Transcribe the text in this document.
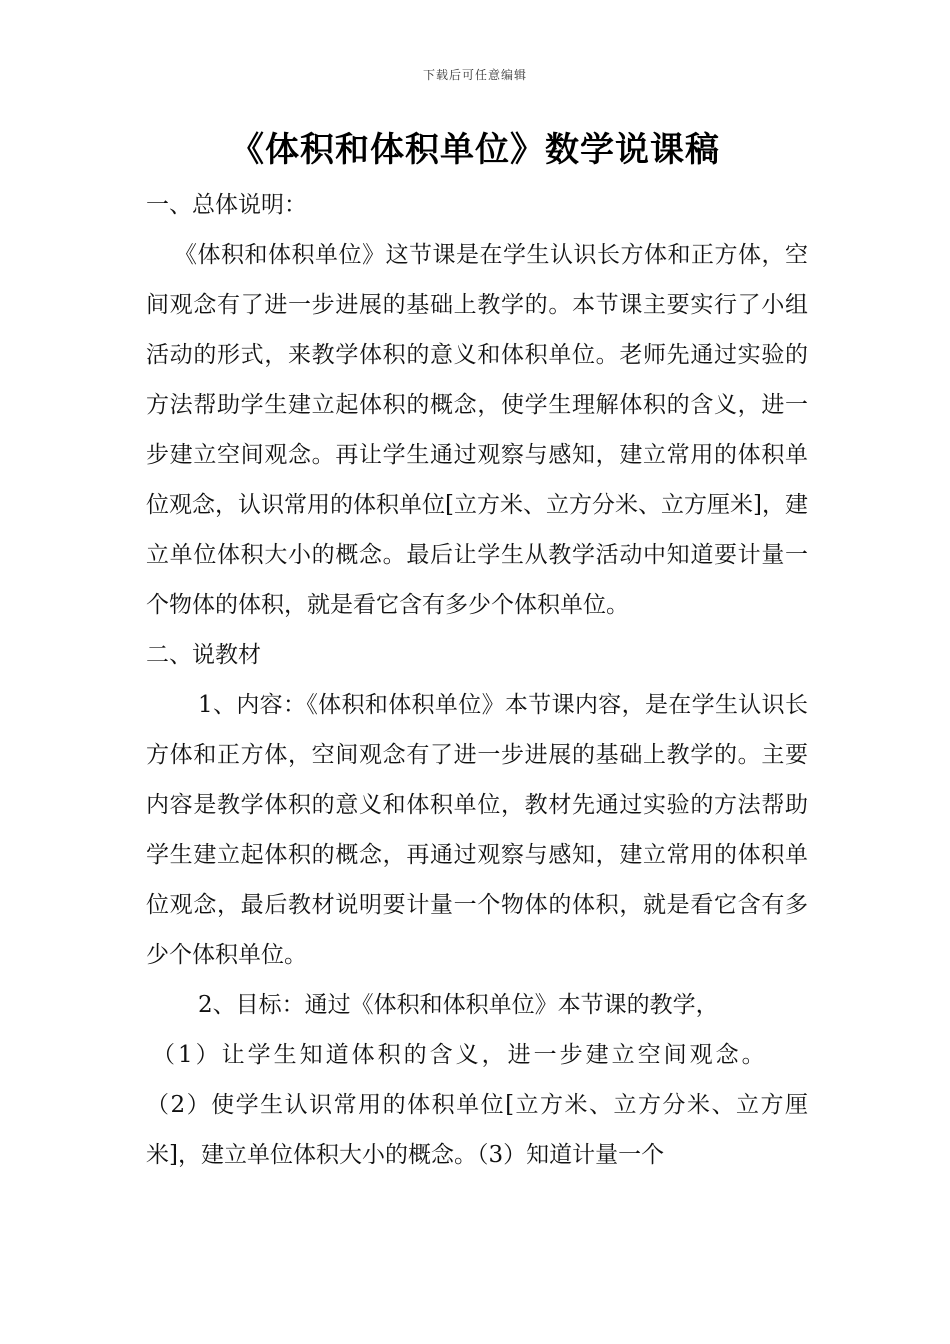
下载后可任意编辑
《体积和体积单位》数学说课稿

一、总体说明：

《体积和体积单位》这节课是在学生认识长方体和正方体，空间观念有了进一步进展的基础上教学的。本节课主要实行了小组活动的形式，来教学体积的意义和体积单位。老师先通过实验的方法帮助学生建立起体积的概念，使学生理解体积的含义，进一步建立空间观念。再让学生通过观察与感知，建立常用的体积单位观念，认识常用的体积单位[立方米、立方分米、立方厘米]，建立单位体积大小的概念。最后让学生从教学活动中知道要计量一个物体的体积，就是看它含有多少个体积单位。

二、说教材

1、内容：《体积和体积单位》本节课内容，是在学生认识长方体和正方体，空间观念有了进一步进展的基础上教学的。主要内容是教学体积的意义和体积单位，教材先通过实验的方法帮助学生建立起体积的概念，再通过观察与感知，建立常用的体积单位观念，最后教材说明要计量一个物体的体积，就是看它含有多少个体积单位。

2、目标：通过《体积和体积单位》本节课的教学，

（1）让学生知道体积的含义，进一步建立空间观念。

（2）使学生认识常用的体积单位[立方米、立方分米、立方厘米]，建立单位体积大小的概念。（3）知道计量一个
